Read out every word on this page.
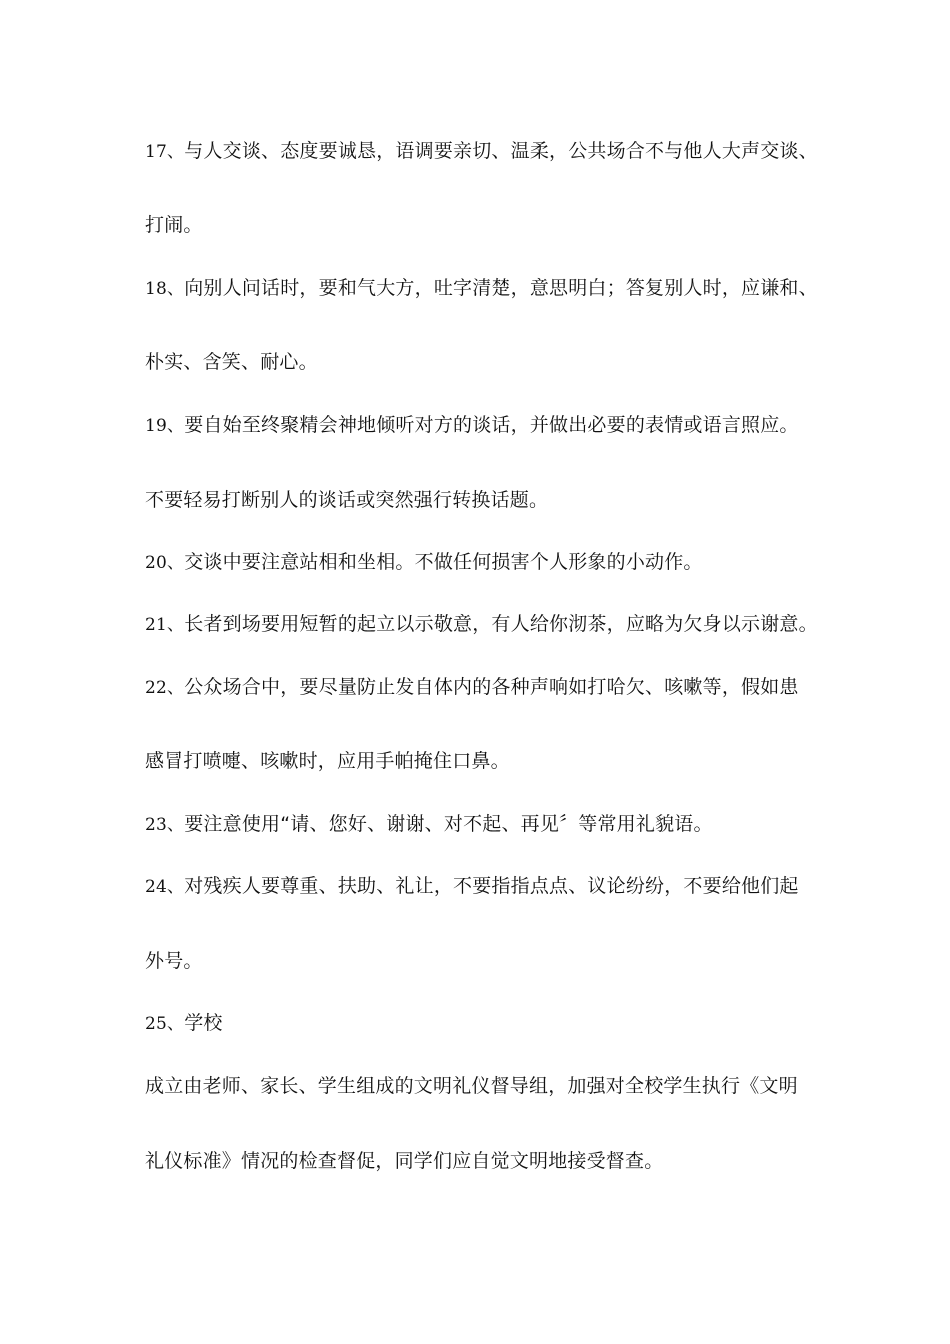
17、与人交谈、态度要诚恳，语调要亲切、温柔，公共场合不与他人大声交谈、
打闹。
18、向别人问话时，要和气大方，吐字清楚，意思明白；答复别人时，应谦和、
朴实、含笑、耐心。
19、要自始至终聚精会神地倾听对方的谈话，并做出必要的表情或语言照应。
不要轻易打断别人的谈话或突然强行转换话题。
20、交谈中要注意站相和坐相。不做任何损害个人形象的小动作。
21、长者到场要用短暂的起立以示敬意，有人给你沏茶，应略为欠身以示谢意。
22、公众场合中，要尽量防止发自体内的各种声响如打哈欠、咳嗽等，假如患
感冒打喷嚏、咳嗽时，应用手帕掩住口鼻。
23、要注意使用“请、您好、谢谢、对不起、再见〞等常用礼貌语。
24、对残疾人要尊重、扶助、礼让，不要指指点点、议论纷纷，不要给他们起
外号。
25、学校
成立由老师、家长、学生组成的文明礼仪督导组，加强对全校学生执行《文明
礼仪标准》情况的检查督促，同学们应自觉文明地接受督查。
